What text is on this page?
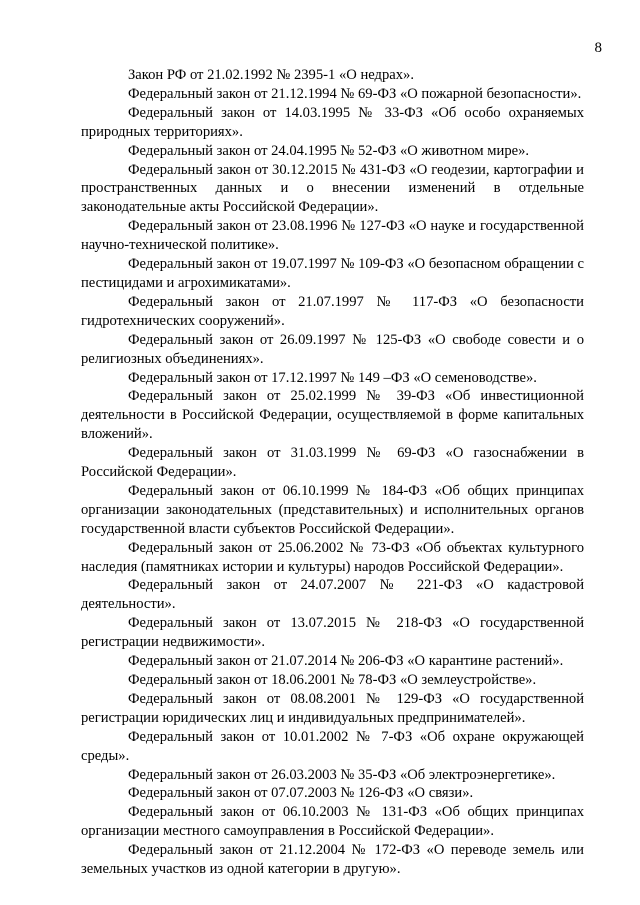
8

Закон РФ от 21.02.1992 № 2395-1 «О недрах».

Федеральный закон от 21.12.1994 № 69-ФЗ «О пожарной безопасности».

Федеральный закон от 14.03.1995 № 33-ФЗ «Об особо охраняемых природных территориях».

Федеральный закон от 24.04.1995 № 52-ФЗ «О животном мире».

Федеральный закон от 30.12.2015 № 431-ФЗ «О геодезии, картографии и пространственных данных и о внесении изменений в отдельные законодательные акты Российской Федерации».

Федеральный закон от 23.08.1996 № 127-ФЗ «О науке и государственной научно-технической политике».

Федеральный закон от 19.07.1997 № 109-ФЗ «О безопасном обращении с пестицидами и агрохимикатами».

Федеральный закон от 21.07.1997 № 117-ФЗ «О безопасности гидротехнических сооружений».

Федеральный закон от 26.09.1997 № 125-ФЗ «О свободе совести и о религиозных объединениях».

Федеральный закон от 17.12.1997 № 149 –ФЗ «О семеноводстве».

Федеральный закон от 25.02.1999 № 39-ФЗ «Об инвестиционной деятельности в Российской Федерации, осуществляемой в форме капитальных вложений».

Федеральный закон от 31.03.1999 № 69-ФЗ «О газоснабжении в Российской Федерации».

Федеральный закон от 06.10.1999 № 184-ФЗ «Об общих принципах организации законодательных (представительных) и исполнительных органов государственной власти субъектов Российской Федерации».

Федеральный закон от 25.06.2002 № 73-ФЗ «Об объектах культурного наследия (памятниках истории и культуры) народов Российской Федерации».

Федеральный закон от 24.07.2007 № 221-ФЗ «О кадастровой деятельности».

Федеральный закон от 13.07.2015 № 218-ФЗ «О государственной регистрации недвижимости».

Федеральный закон от 21.07.2014 № 206-ФЗ «О карантине растений».

Федеральный закон от 18.06.2001 № 78-ФЗ «О землеустройстве».

Федеральный закон от 08.08.2001 № 129-ФЗ «О государственной регистрации юридических лиц и индивидуальных предпринимателей».

Федеральный закон от 10.01.2002 № 7-ФЗ «Об охране окружающей среды».

Федеральный закон от 26.03.2003 № 35-ФЗ «Об электроэнергетике».

Федеральный закон от 07.07.2003 № 126-ФЗ «О связи».

Федеральный закон от 06.10.2003 № 131-ФЗ «Об общих принципах организации местного самоуправления в Российской Федерации».

Федеральный закон от 21.12.2004 № 172-ФЗ «О переводе земель или земельных участков из одной категории в другую».
